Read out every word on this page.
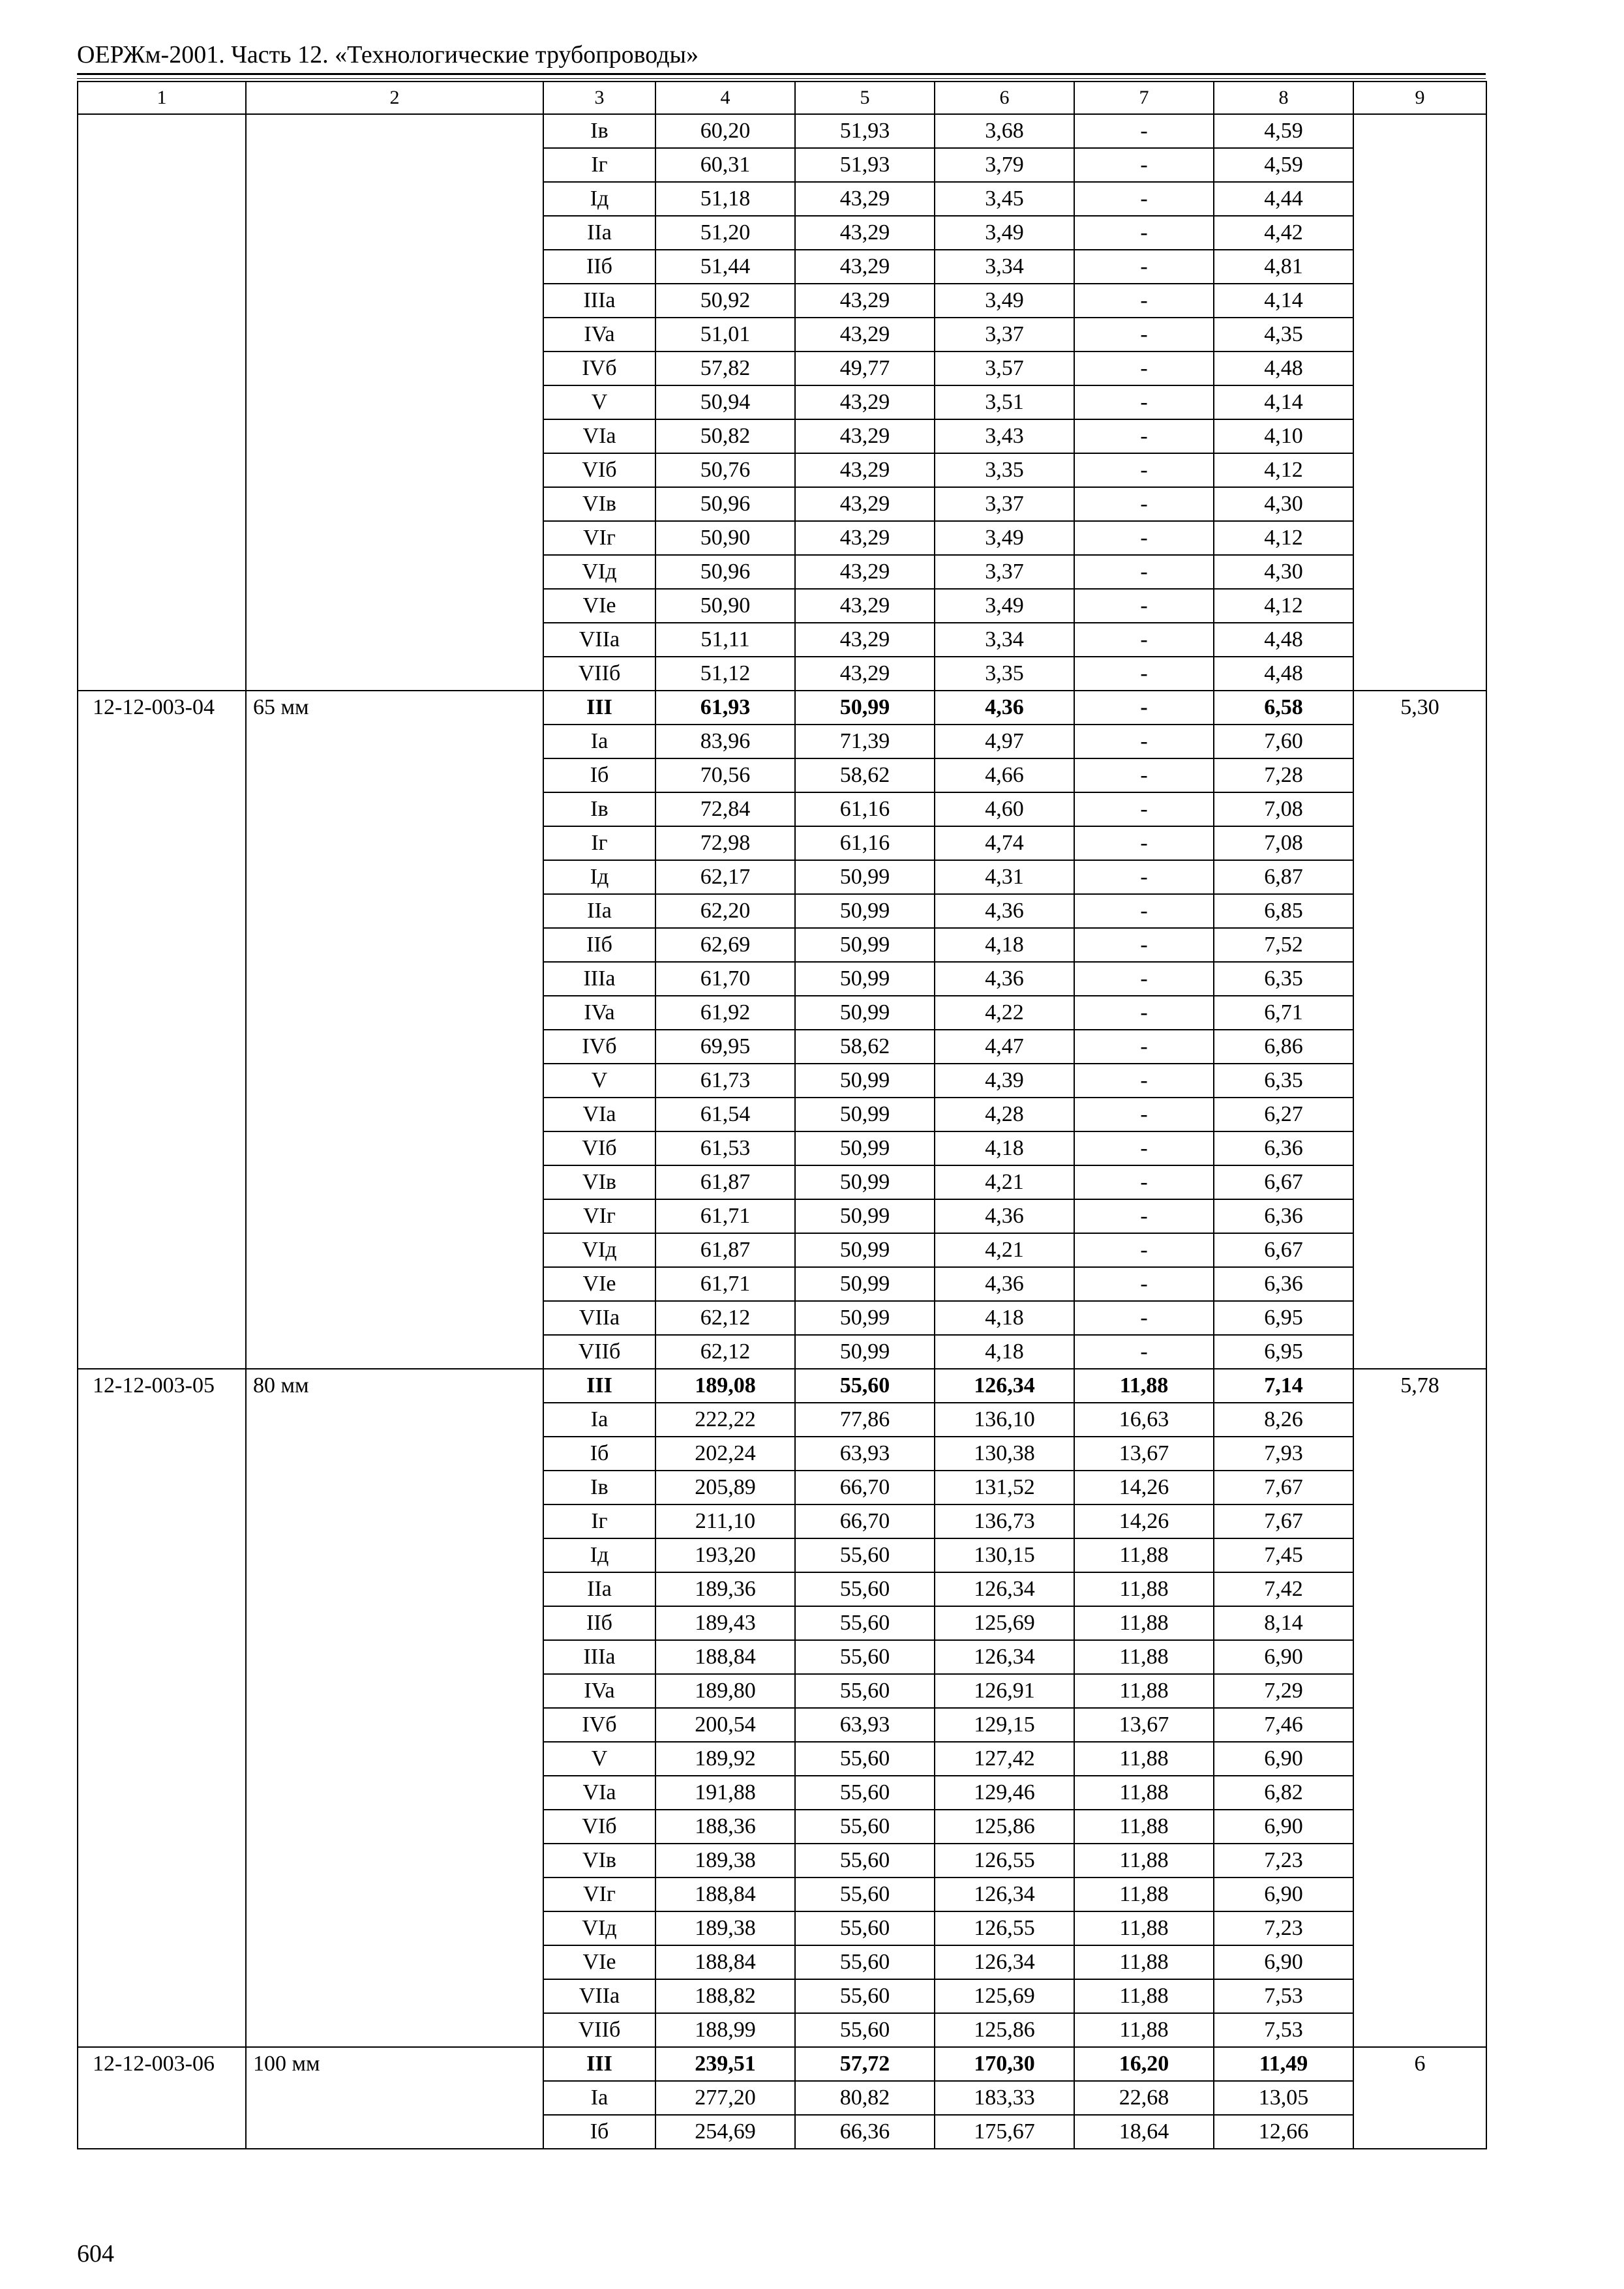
ОЕРЖм-2001. Часть 12. «Технологические трубопроводы»
1	2	3	4	5	6	7	8	9
		Iв	60,20	51,93	3,68	-	4,59	
		Iг	60,31	51,93	3,79	-	4,59	
		Iд	51,18	43,29	3,45	-	4,44	
		IIa	51,20	43,29	3,49	-	4,42	
		IIб	51,44	43,29	3,34	-	4,81	
		IIIa	50,92	43,29	3,49	-	4,14	
		IVa	51,01	43,29	3,37	-	4,35	
		IVб	57,82	49,77	3,57	-	4,48	
		V	50,94	43,29	3,51	-	4,14	
		VIa	50,82	43,29	3,43	-	4,10	
		VIб	50,76	43,29	3,35	-	4,12	
		VIв	50,96	43,29	3,37	-	4,30	
		VIг	50,90	43,29	3,49	-	4,12	
		VIд	50,96	43,29	3,37	-	4,30	
		VIe	50,90	43,29	3,49	-	4,12	
		VIIa	51,11	43,29	3,34	-	4,48	
		VIIб	51,12	43,29	3,35	-	4,48	
12-12-003-04	65 мм	III	61,93	50,99	4,36	-	6,58	5,30
		Ia	83,96	71,39	4,97	-	7,60	
		Iб	70,56	58,62	4,66	-	7,28	
		Iв	72,84	61,16	4,60	-	7,08	
		Iг	72,98	61,16	4,74	-	7,08	
		Iд	62,17	50,99	4,31	-	6,87	
		IIa	62,20	50,99	4,36	-	6,85	
		IIб	62,69	50,99	4,18	-	7,52	
		IIIa	61,70	50,99	4,36	-	6,35	
		IVa	61,92	50,99	4,22	-	6,71	
		IVб	69,95	58,62	4,47	-	6,86	
		V	61,73	50,99	4,39	-	6,35	
		VIa	61,54	50,99	4,28	-	6,27	
		VIб	61,53	50,99	4,18	-	6,36	
		VIв	61,87	50,99	4,21	-	6,67	
		VIг	61,71	50,99	4,36	-	6,36	
		VIд	61,87	50,99	4,21	-	6,67	
		VIe	61,71	50,99	4,36	-	6,36	
		VIIa	62,12	50,99	4,18	-	6,95	
		VIIб	62,12	50,99	4,18	-	6,95	
12-12-003-05	80 мм	III	189,08	55,60	126,34	11,88	7,14	5,78
		Ia	222,22	77,86	136,10	16,63	8,26	
		Iб	202,24	63,93	130,38	13,67	7,93	
		Iв	205,89	66,70	131,52	14,26	7,67	
		Iг	211,10	66,70	136,73	14,26	7,67	
		Iд	193,20	55,60	130,15	11,88	7,45	
		IIa	189,36	55,60	126,34	11,88	7,42	
		IIб	189,43	55,60	125,69	11,88	8,14	
		IIIa	188,84	55,60	126,34	11,88	6,90	
		IVa	189,80	55,60	126,91	11,88	7,29	
		IVб	200,54	63,93	129,15	13,67	7,46	
		V	189,92	55,60	127,42	11,88	6,90	
		VIa	191,88	55,60	129,46	11,88	6,82	
		VIб	188,36	55,60	125,86	11,88	6,90	
		VIв	189,38	55,60	126,55	11,88	7,23	
		VIг	188,84	55,60	126,34	11,88	6,90	
		VIд	189,38	55,60	126,55	11,88	7,23	
		VIe	188,84	55,60	126,34	11,88	6,90	
		VIIa	188,82	55,60	125,69	11,88	7,53	
		VIIб	188,99	55,60	125,86	11,88	7,53	
12-12-003-06	100 мм	III	239,51	57,72	170,30	16,20	11,49	6
		Ia	277,20	80,82	183,33	22,68	13,05	
		Iб	254,69	66,36	175,67	18,64	12,66	
604
